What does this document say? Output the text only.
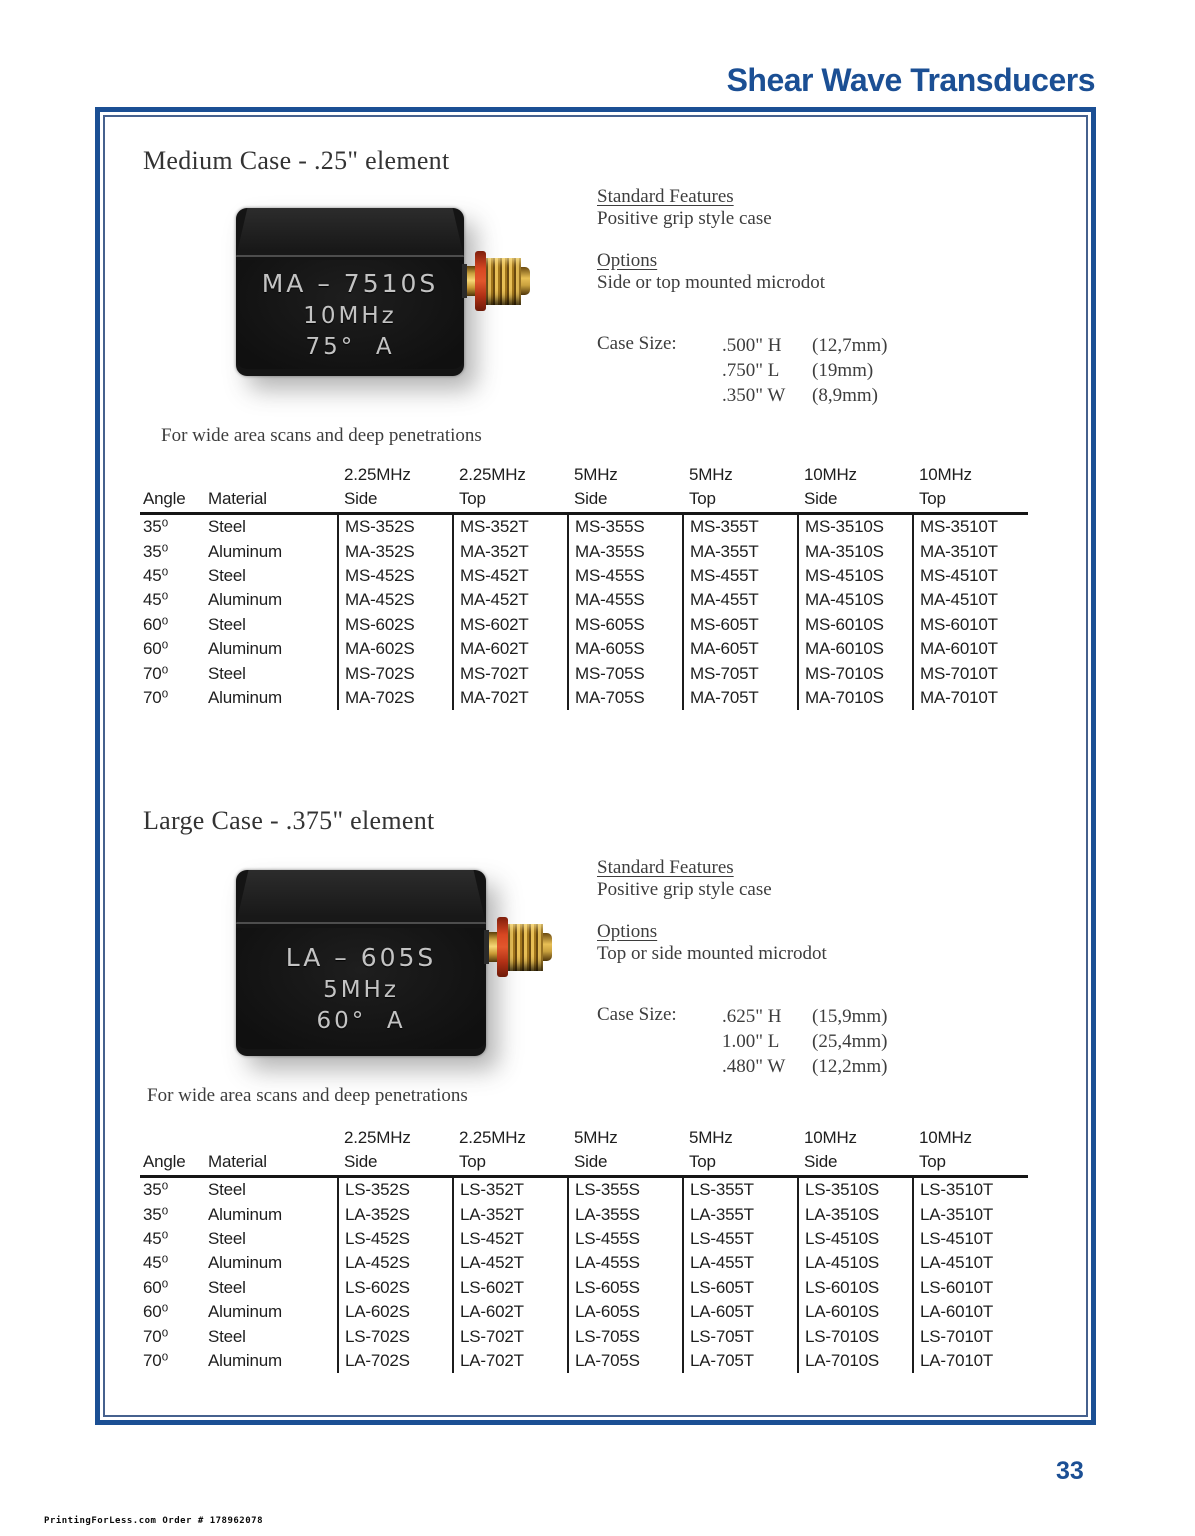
Shear Wave Transducers
Medium Case - .25" element
MA – 7510S
10MHz
75°  A
Standard Features
Positive grip style case
Options
Side or top mounted microdot
Case Size: .500" H	(12,7mm)
.750" L	(19mm)
.350" W	(8,9mm)
For wide area scans and deep penetrations
		2.25MHz	2.25MHz	5MHz	5MHz	10MHz	10MHz
Angle	Material	Side	Top	Side	Top	Side	Top
35⁰	Steel	MS-352S	MS-352T	MS-355S	MS-355T	MS-3510S	MS-3510T
35⁰	Aluminum	MA-352S	MA-352T	MA-355S	MA-355T	MA-3510S	MA-3510T
45⁰	Steel	MS-452S	MS-452T	MS-455S	MS-455T	MS-4510S	MS-4510T
45⁰	Aluminum	MA-452S	MA-452T	MA-455S	MA-455T	MA-4510S	MA-4510T
60⁰	Steel	MS-602S	MS-602T	MS-605S	MS-605T	MS-6010S	MS-6010T
60⁰	Aluminum	MA-602S	MA-602T	MA-605S	MA-605T	MA-6010S	MA-6010T
70⁰	Steel	MS-702S	MS-702T	MS-705S	MS-705T	MS-7010S	MS-7010T
70⁰	Aluminum	MA-702S	MA-702T	MA-705S	MA-705T	MA-7010S	MA-7010T
Large Case - .375" element
LA – 605S
5MHz
60°  A
Standard Features
Positive grip style case
Options
Top or side mounted microdot
Case Size: .625" H	(15,9mm)
1.00" L	(25,4mm)
.480" W	(12,2mm)
For wide area scans and deep penetrations
		2.25MHz	2.25MHz	5MHz	5MHz	10MHz	10MHz
Angle	Material	Side	Top	Side	Top	Side	Top
35⁰	Steel	LS-352S	LS-352T	LS-355S	LS-355T	LS-3510S	LS-3510T
35⁰	Aluminum	LA-352S	LA-352T	LA-355S	LA-355T	LA-3510S	LA-3510T
45⁰	Steel	LS-452S	LS-452T	LS-455S	LS-455T	LS-4510S	LS-4510T
45⁰	Aluminum	LA-452S	LA-452T	LA-455S	LA-455T	LA-4510S	LA-4510T
60⁰	Steel	LS-602S	LS-602T	LS-605S	LS-605T	LS-6010S	LS-6010T
60⁰	Aluminum	LA-602S	LA-602T	LA-605S	LA-605T	LA-6010S	LA-6010T
70⁰	Steel	LS-702S	LS-702T	LS-705S	LS-705T	LS-7010S	LS-7010T
70⁰	Aluminum	LA-702S	LA-702T	LA-705S	LA-705T	LA-7010S	LA-7010T
33
PrintingForLess.com Order # 178962078
